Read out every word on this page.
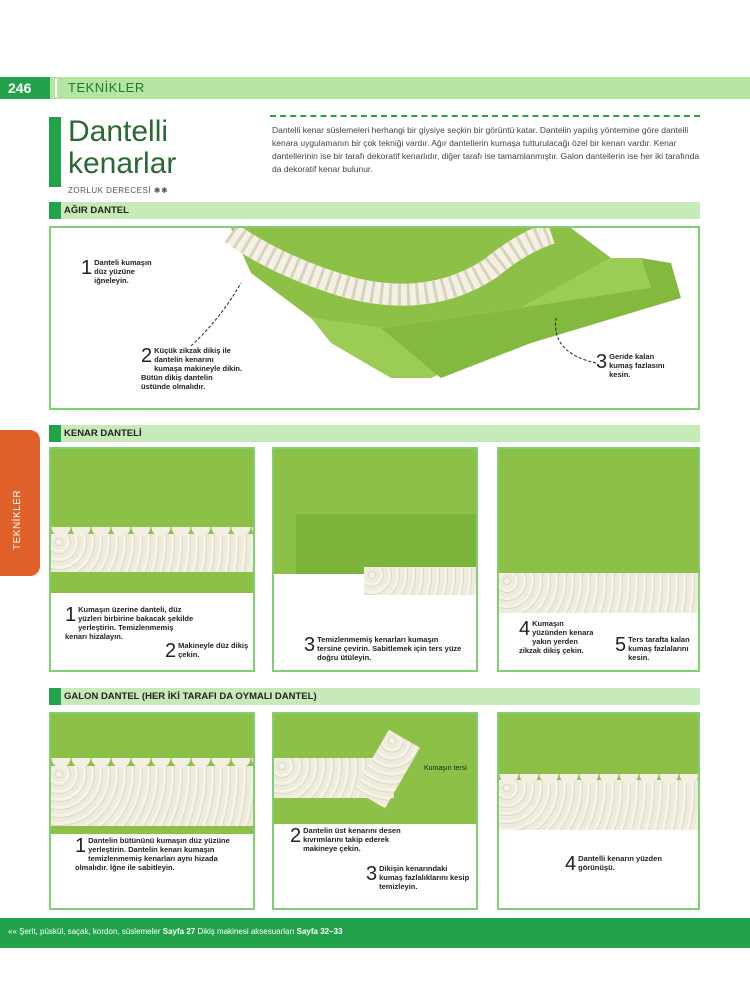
246	TEKNİKLER
Dantelli
kenarlar
ZORLUK DERECESİ ✱✱
Dantelli kenar süslemeleri herhangi bir giysiye seçkin bir görüntü katar. Dantelin yapılış yöntemine göre dantelli kenara uygulamanın bir çok tekniği vardır. Ağır dantellerin kumaşa tutturulacağı özel bir kenarı vardır. Kenar dantellerinin ise bir tarafı dekoratif kenarlıdır, diğer tarafı ise tamamlanmıştır. Galon dantellerin ise her iki tarafında da dekoratif kenar bulunur.
TEKNİKLER
AĞIR DANTEL
1 Danteli kumaşın düz yüzüne iğneleyin.
2 Küçük zikzak dikiş ile dantelin kenarını kumaşa makineyle dikin. Bütün dikiş dantelin üstünde olmalıdır.
3 Geride kalan kumaş fazlasını kesin.
KENAR DANTELİ
1 Kumaşın üzerine danteli, düz yüzleri birbirine bakacak şekilde yerleştirin. Temizlenmemiş kenarı hizalayın.
2 Makineyle düz dikiş çekin.	3 Temizlenmemiş kenarları kumaşın tersine çevirin. Sabitlemek için ters yüze doğru ütüleyin.
4 Kumaşın yüzünden kenara yakın yerden zikzak dikiş çekin.	5 Ters tarafta kalan kumaş fazlalarını kesin.
GALON DANTEL (HER İKİ TARAFI DA OYMALI DANTEL)
1 Dantelin bütününü kumaşın düz yüzüne yerleştirin. Dantelin kenarı kumaşın temizlenmemiş kenarları aynı hizada olmalıdır. İğne ile sabitleyin.
Kumaşın tersi
2 Dantelin üst kenarını desen kıvrımlarını takip ederek makineye çekin.
3 Dikişin kenarındaki kumaş fazlalıklarını kesip temizleyin.
4 Dantelli kenarın yüzden görünüşü.
«« Şerit, püskül, saçak, kordon, süslemeler Sayfa 27 Dikiş makinesi aksesuarları Sayfa 32–33
